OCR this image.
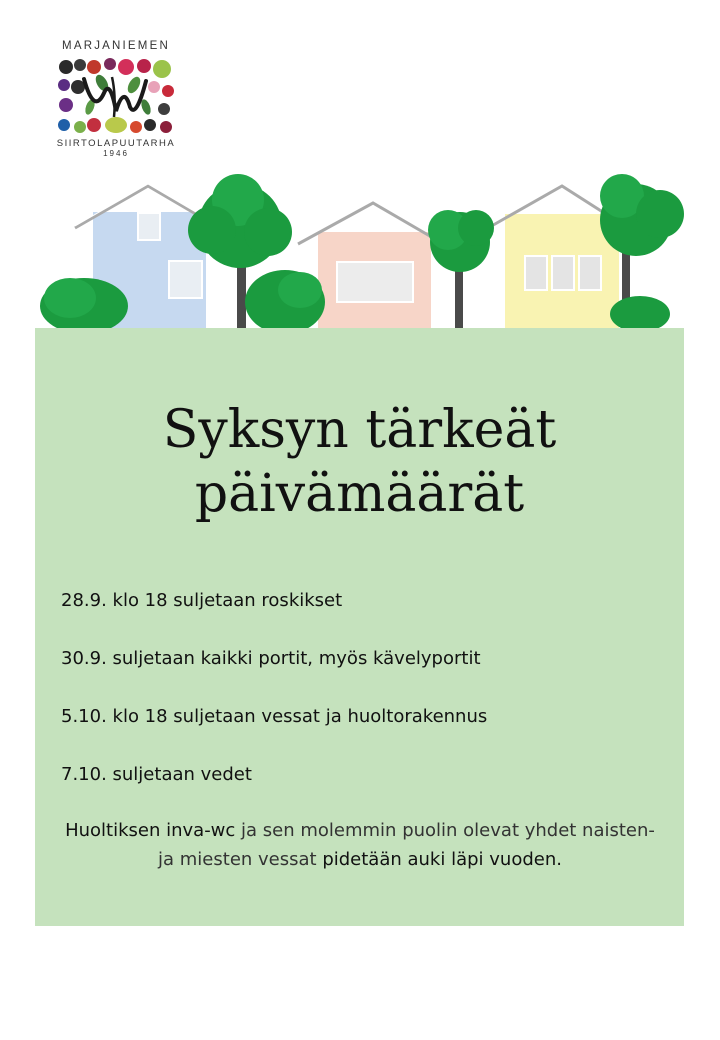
MARJANIEMEN
SIIRTOLAPUUTARHA
1946
Syksyn tärkeät
päivämäärät
28.9. klo 18 suljetaan roskikset
30.9. suljetaan kaikki portit, myös kävelyportit
5.10. klo 18 suljetaan vessat ja huoltorakennus
7.10. suljetaan vedet

Huoltiksen inva-wc ja sen molemmin puolin olevat yhdet naisten- ja miesten vessat pidetään auki läpi vuoden.
